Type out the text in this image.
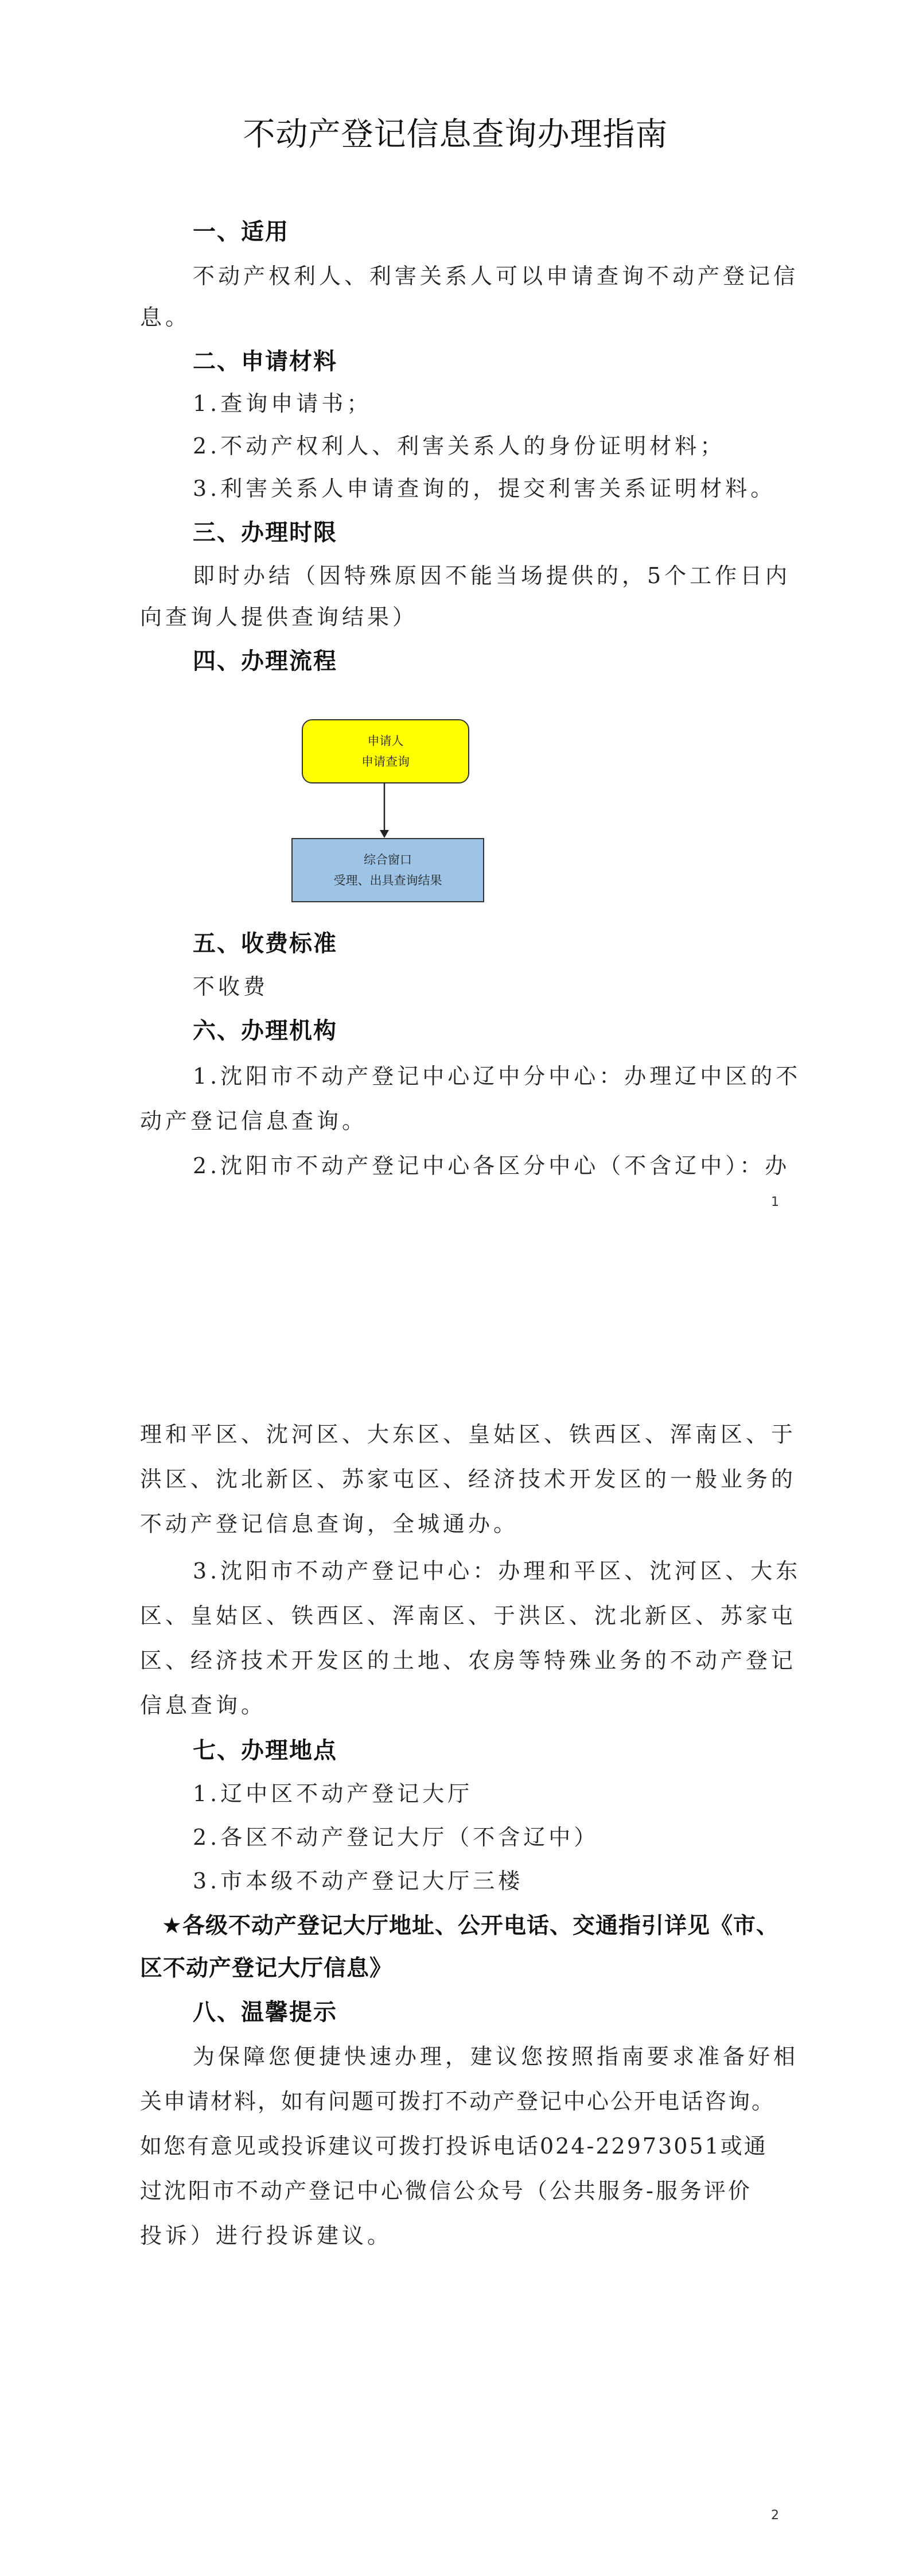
不动产登记信息查询办理指南
一、适用
不动产权利人、利害关系人可以申请查询不动产登记信
息。
二、申请材料
1.查询申请书；
2.不动产权利人、利害关系人的身份证明材料；
3.利害关系人申请查询的，提交利害关系证明材料。
三、办理时限
即时办结（因特殊原因不能当场提供的，5个工作日内
向查询人提供查询结果）
四、办理流程
申请人
申请查询
综合窗口
受理、出具查询结果
五、收费标准
不收费
六、办理机构
1.沈阳市不动产登记中心辽中分中心：办理辽中区的不
动产登记信息查询。
2.沈阳市不动产登记中心各区分中心（不含辽中）：办
1
理和平区、沈河区、大东区、皇姑区、铁西区、浑南区、于
洪区、沈北新区、苏家屯区、经济技术开发区的一般业务的
不动产登记信息查询，全城通办。
3.沈阳市不动产登记中心：办理和平区、沈河区、大东
区、皇姑区、铁西区、浑南区、于洪区、沈北新区、苏家屯
区、经济技术开发区的土地、农房等特殊业务的不动产登记
信息查询。
七、办理地点
1.辽中区不动产登记大厅
2.各区不动产登记大厅（不含辽中）
3.市本级不动产登记大厅三楼
★各级不动产登记大厅地址、公开电话、交通指引详见《市、
区不动产登记大厅信息》
八、温馨提示
为保障您便捷快速办理，建议您按照指南要求准备好相
关申请材料，如有问题可拨打不动产登记中心公开电话咨询。
如您有意见或投诉建议可拨打投诉电话024-22973051或通
过沈阳市不动产登记中心微信公众号（公共服务-服务评价
投诉）进行投诉建议。
2
